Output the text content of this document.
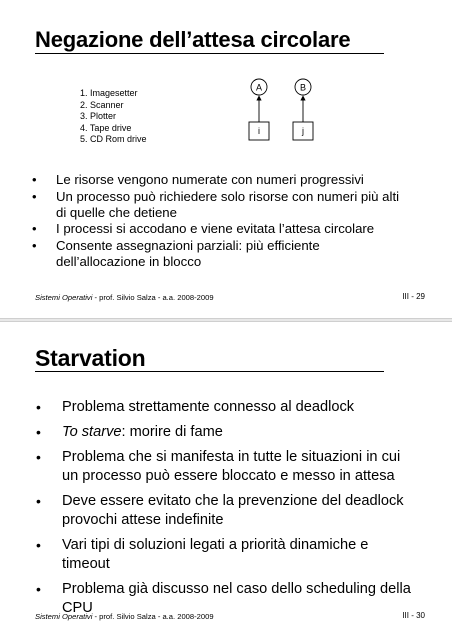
Negazione dell’attesa circolare
1. Imagesetter
2. Scanner
3. Plotter
4. Tape drive
5. CD Rom drive
A	B
i	j
• Le risorse vengono numerate con numeri progressivi
• Un processo può richiedere solo risorse con numeri più alti di quelle che detiene
• I processi si accodano e viene evitata l’attesa circolare
• Consente assegnazioni parziali: più efficiente dell’allocazione in blocco
Sistemi Operativi - prof. Silvio Salza - a.a. 2008-2009	III - 29
Starvation
Sistemi Operativi - prof. Silvio Salza - a.a. 2008-2009	III - 30
• Problema strettamente connesso al deadlock
• To starve: morire di fame
• Problema che si manifesta in tutte le situazioni in cui un processo può essere bloccato e messo in attesa
• Deve essere evitato che la prevenzione del deadlock provochi attese indefinite
• Vari tipi di soluzioni legati a priorità dinamiche e timeout
• Problema già discusso nel caso dello scheduling della CPU
